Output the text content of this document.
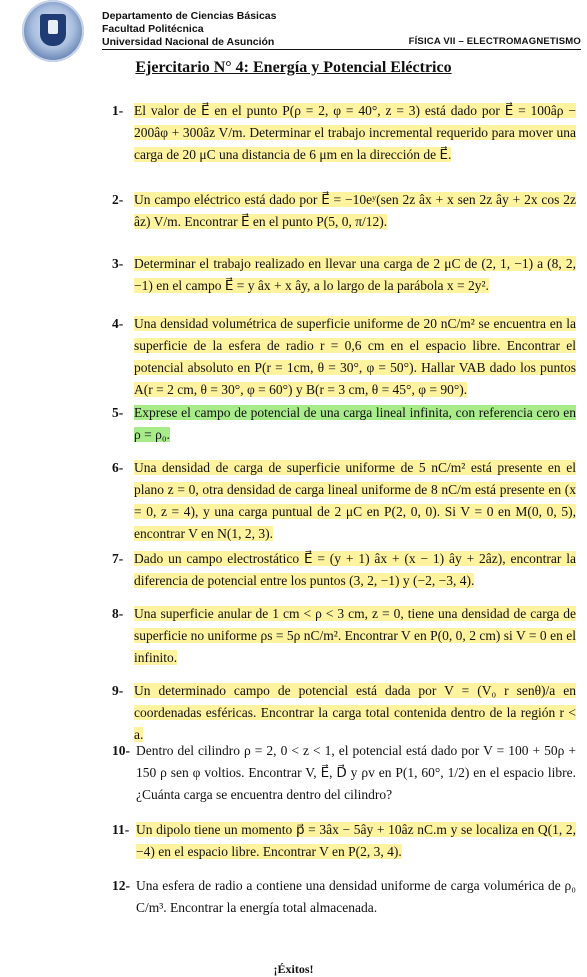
Departamento de Ciencias Básicas
Facultad Politécnica
Universidad Nacional de Asunción	FÍSICA VII – ELECTROMAGNETISMO
Ejercitario N° 4: Energía y Potencial Eléctrico
1- El valor de E⃗ en el punto P(ρ = 2, φ = 40°, z = 3) está dado por E⃗ = 100âρ − 200âφ + 300âz V/m. Determinar el trabajo incremental requerido para mover una carga de 20 μC una distancia de 6 μm en la dirección de E⃗.
2- Un campo eléctrico está dado por E⃗ = −10eʸ(sen 2z âx + x sen 2z ây + 2x cos 2z âz) V/m. Encontrar E⃗ en el punto P(5, 0, π/12).
3- Determinar el trabajo realizado en llevar una carga de 2 μC de (2, 1, −1) a (8, 2, −1) en el campo E⃗ = y âx + x ây, a lo largo de la parábola x = 2y².
4- Una densidad volumétrica de superficie uniforme de 20 nC/m² se encuentra en la superficie de la esfera de radio r = 0,6 cm en el espacio libre. Encontrar el potencial absoluto en P(r = 1cm, θ = 30°, φ = 50°). Hallar VAB dado los puntos A(r = 2 cm, θ = 30°, φ = 60°) y B(r = 3 cm, θ = 45°, φ = 90°).
5- Exprese el campo de potencial de una carga lineal infinita, con referencia cero en ρ = ρ₀.
6- Una densidad de carga de superficie uniforme de 5 nC/m² está presente en el plano z = 0, otra densidad de carga lineal uniforme de 8 nC/m está presente en (x = 0, z = 4), y una carga puntual de 2 μC en P(2, 0, 0). Si V = 0 en M(0, 0, 5), encontrar V en N(1, 2, 3).
7- Dado un campo electrostático E⃗ = (y + 1) âx + (x − 1) ây + 2âz), encontrar la diferencia de potencial entre los puntos (3, 2, −1) y (−2, −3, 4).
8- Una superficie anular de 1 cm < ρ < 3 cm, z = 0, tiene una densidad de carga de superficie no uniforme ρs = 5ρ nC/m². Encontrar V en P(0, 0, 2 cm) si V = 0 en el infinito.
9- Un determinado campo de potencial está dada por V = (V₀ r senθ)/a en coordenadas esféricas. Encontrar la carga total contenida dentro de la región r < a.
10- Dentro del cilindro ρ = 2, 0 < z < 1, el potencial está dado por V = 100 + 50ρ + 150 ρ sen φ voltios. Encontrar V, E⃗, D⃗ y ρv en P(1, 60°, 1/2) en el espacio libre. ¿Cuánta carga se encuentra dentro del cilindro?
11- Un dipolo tiene un momento p⃗ = 3âx − 5ây + 10âz nC.m y se localiza en Q(1, 2, −4) en el espacio libre. Encontrar V en P(2, 3, 4).
12- Una esfera de radio a contiene una densidad uniforme de carga volumérica de ρ₀ C/m³. Encontrar la energía total almacenada.
¡Éxitos!
